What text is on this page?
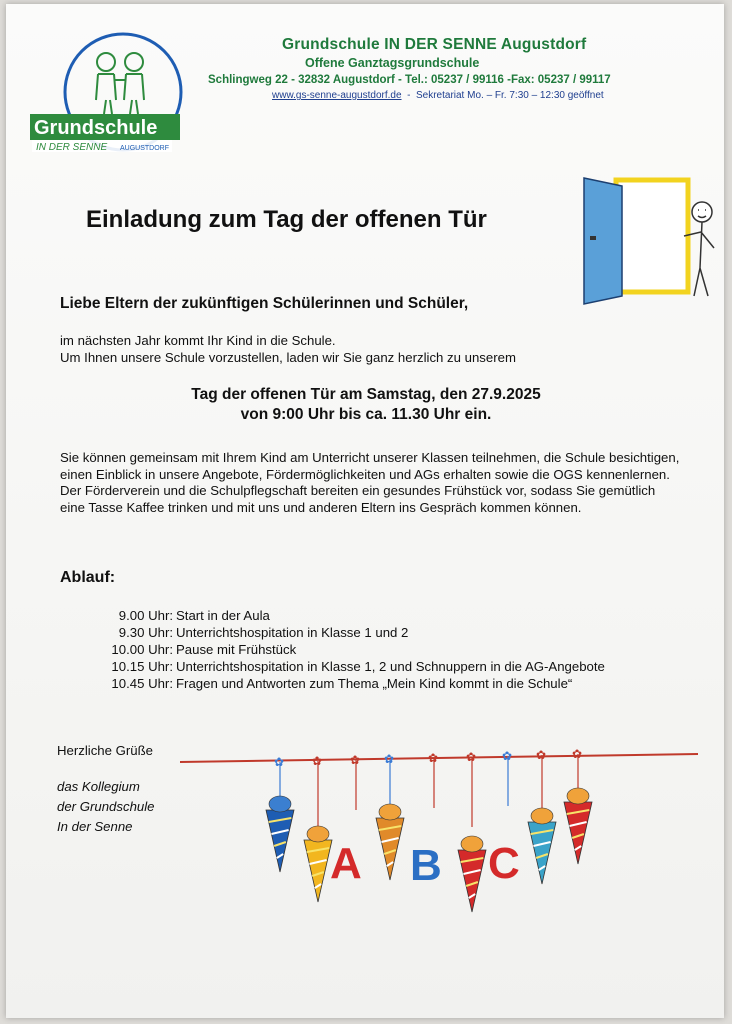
Grundschule
IN DER SENNE AUGUSTDORF
Grundschule IN DER SENNE Augustdorf
Offene Ganztagsgrundschule
Schlingweg 22 - 32832 Augustdorf - Tel.: 05237 / 99116 -Fax: 05237 / 99117
www.gs-senne-augustdorf.de  -  Sekretariat Mo. – Fr. 7:30 – 12:30 geöffnet
Einladung zum Tag der offenen Tür
Liebe Eltern der zukünftigen Schülerinnen und Schüler,
im nächsten Jahr kommt Ihr Kind in die Schule.
Um Ihnen unsere Schule vorzustellen, laden wir Sie ganz herzlich zu unserem
Tag der offenen Tür am Samstag, den 27.9.2025
von 9:00 Uhr bis ca. 11.30 Uhr ein.
Sie können gemeinsam mit Ihrem Kind am Unterricht unserer Klassen teilnehmen, die Schule besichtigen, einen Einblick in unsere Angebote, Fördermöglichkeiten und AGs erhalten sowie die OGS kennenlernen.
Der Förderverein und die Schulpflegschaft bereiten ein gesundes Frühstück vor, sodass Sie gemütlich eine Tasse Kaffee trinken und mit uns und anderen Eltern ins Gespräch kommen können.
Ablauf:
9.00 Uhr: Start in der Aula
9.30 Uhr: Unterrichtshospitation in Klasse 1 und 2
10.00 Uhr: Pause mit Frühstück
10.15 Uhr: Unterrichtshospitation in Klasse 1, 2 und Schnuppern in die AG-Angebote
10.45 Uhr: Fragen und Antworten zum Thema „Mein Kind kommt in die Schule“
Herzliche Grüße
das Kollegium
der Grundschule
In der Senne
✿ ✿ ✿ ✿	✿ ✿ ✿ ✿ ✿
A B C
